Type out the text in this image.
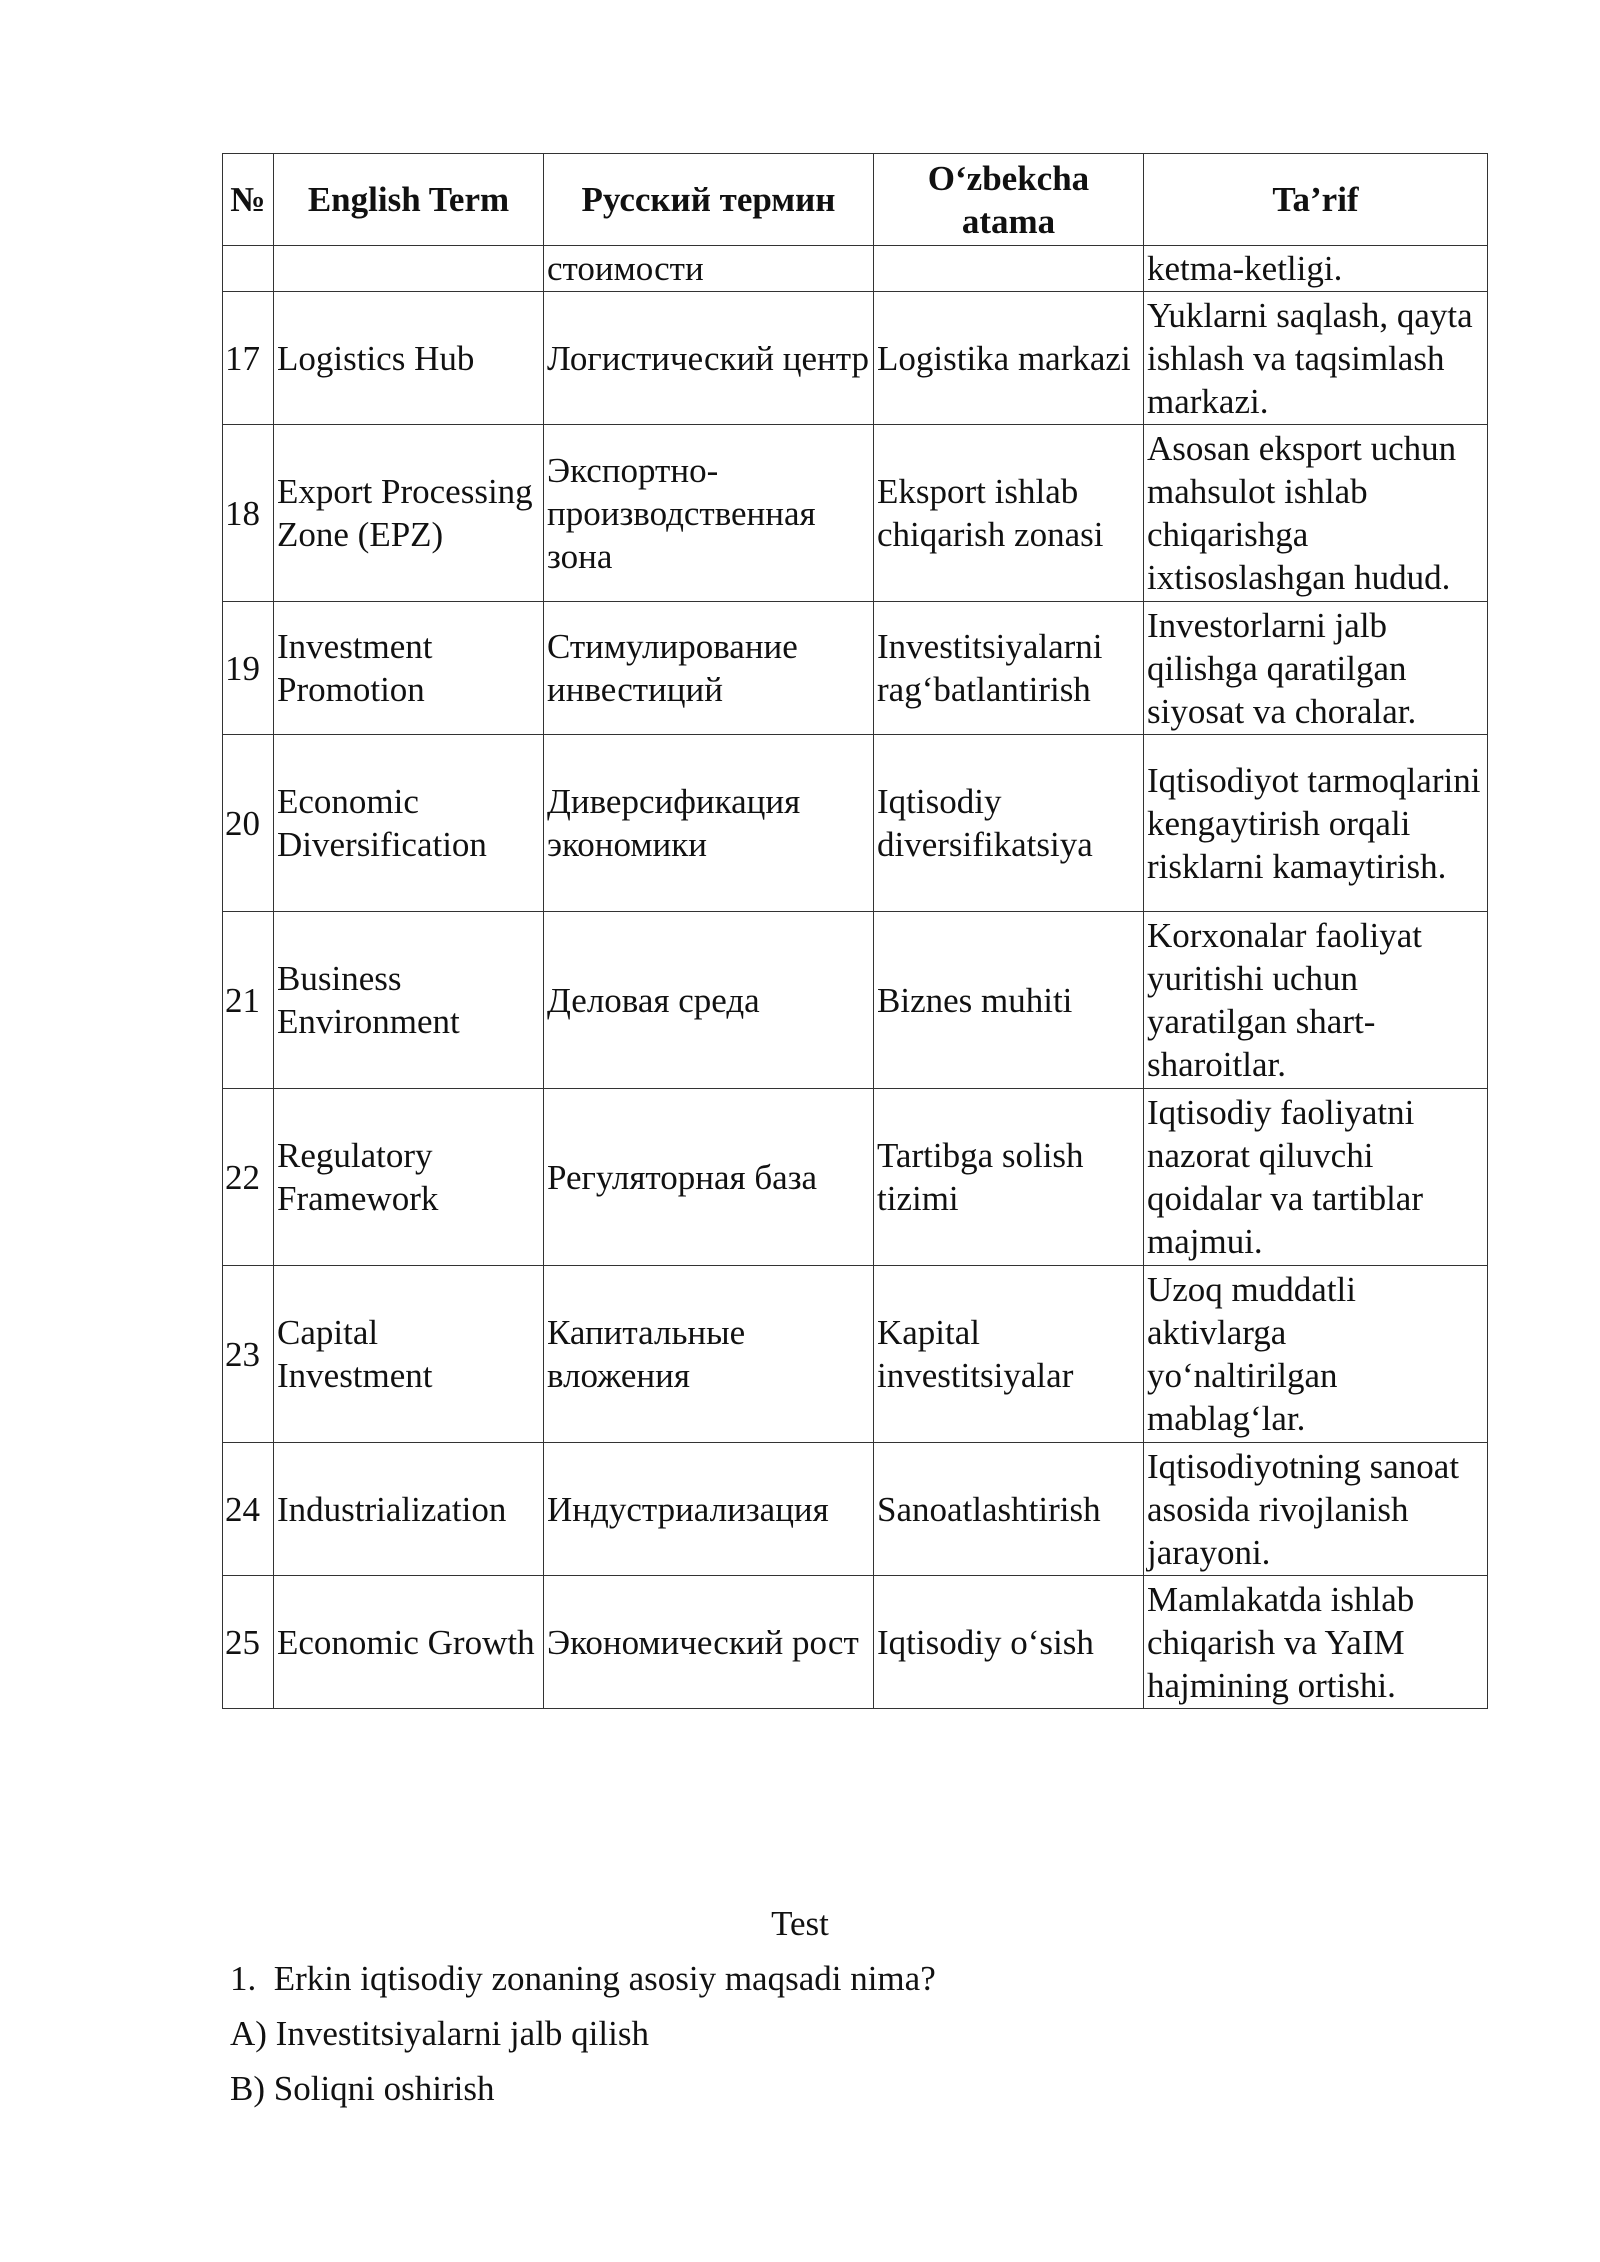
№	English Term	Русский термин	O‘zbekcha atama	Ta’rif
		стоимости		ketma-ketligi.
17	Logistics Hub	Логистический центр	Logistika markazi	Yuklarni saqlash, qayta ishlash va taqsimlash markazi.
18	Export Processing Zone (EPZ)	Экспортно-производственная зона	Eksport ishlab chiqarish zonasi	Asosan eksport uchun mahsulot ishlab chiqarishga ixtisoslashgan hudud.
19	Investment Promotion	Стимулирование инвестиций	Investitsiyalarni rag‘batlantirish	Investorlarni jalb qilishga qaratilgan siyosat va choralar.
20	Economic Diversification	Диверсификация экономики	Iqtisodiy diversifikatsiya	Iqtisodiyot tarmoqlarini kengaytirish orqali risklarni kamaytirish.
21	Business Environment	Деловая среда	Biznes muhiti	Korxonalar faoliyat yuritishi uchun yaratilgan shart-sharoitlar.
22	Regulatory Framework	Регуляторная база	Tartibga solish tizimi	Iqtisodiy faoliyatni nazorat qiluvchi qoidalar va tartiblar majmui.
23	Capital Investment	Капитальные вложения	Kapital investitsiyalar	Uzoq muddatli aktivlarga yo‘naltirilgan mablag‘lar.
24	Industrialization	Индустриализация	Sanoatlashtirish	Iqtisodiyotning sanoat asosida rivojlanish jarayoni.
25	Economic Growth	Экономический рост	Iqtisodiy o‘sish	Mamlakatda ishlab chiqarish va YaIM hajmining ortishi.
Test
1. Erkin iqtisodiy zonaning asosiy maqsadi nima?
A) Investitsiyalarni jalb qilish
B) Soliqni oshirish
